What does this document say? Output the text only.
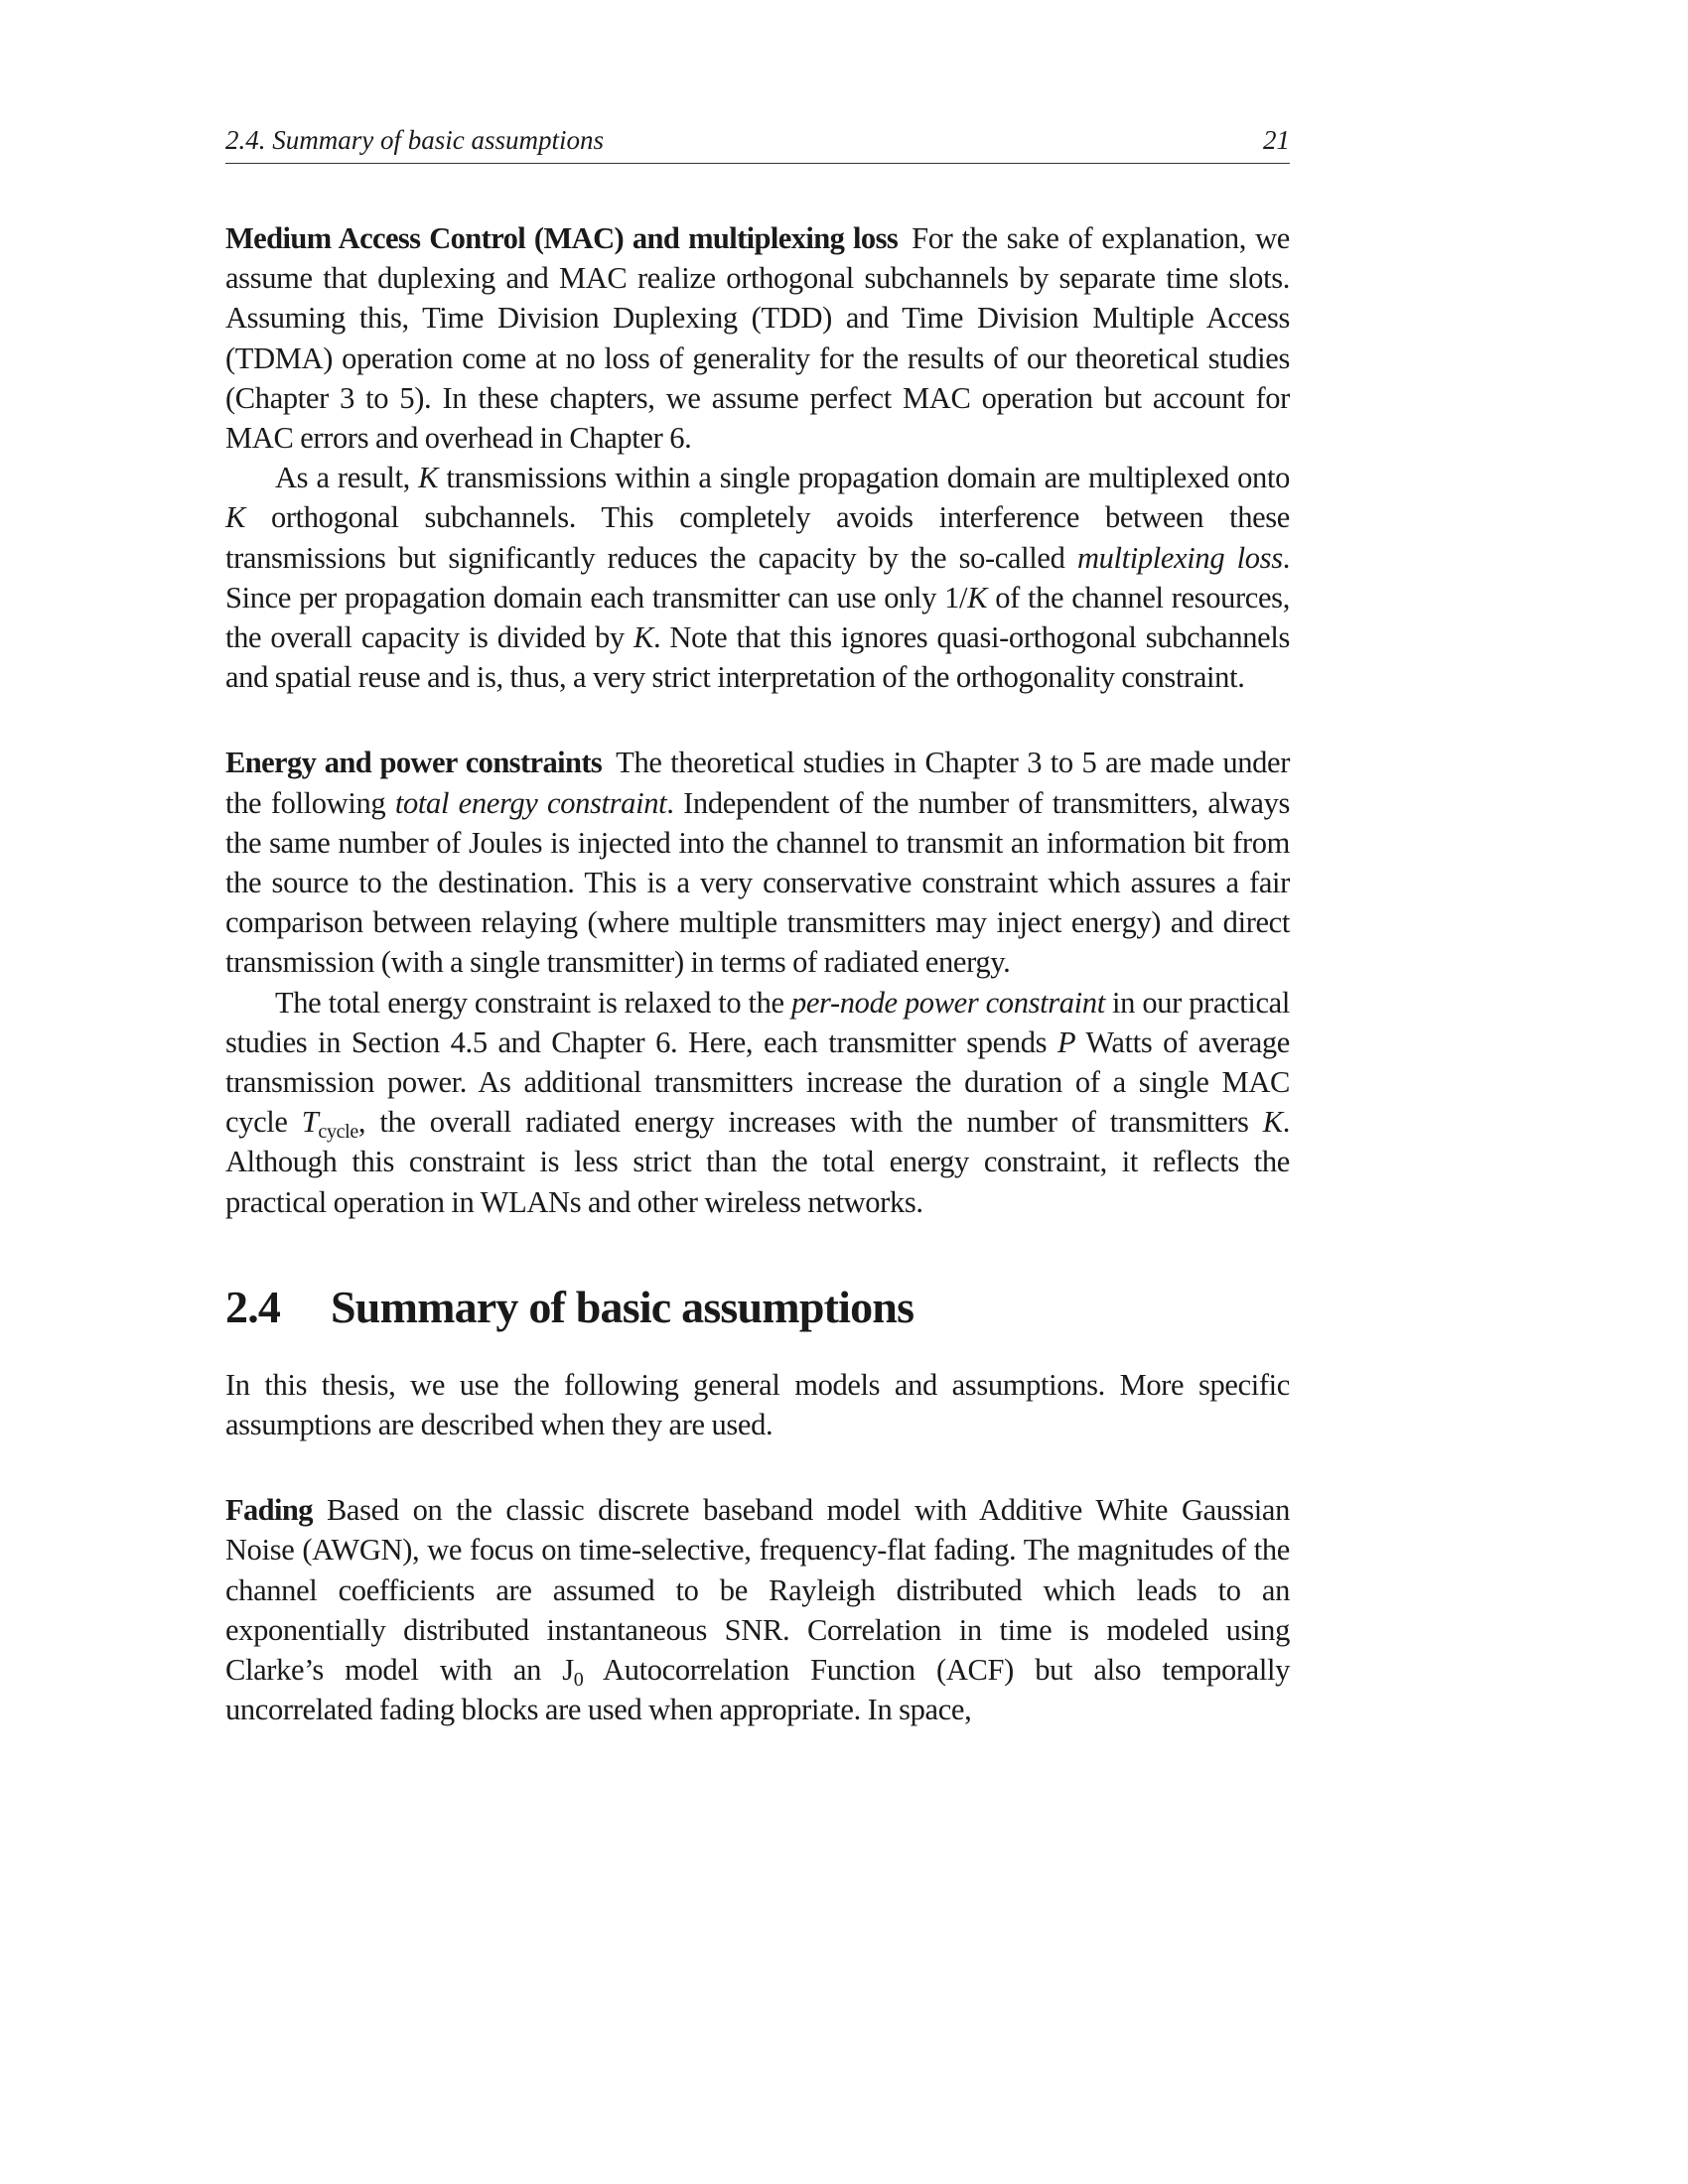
2.4. Summary of basic assumptions	21

Medium Access Control (MAC) and multiplexing loss For the sake of explanation, we assume that duplexing and MAC realize orthogonal subchannels by separate time slots. Assuming this, Time Division Duplexing (TDD) and Time Division Multiple Access (TDMA) operation come at no loss of generality for the results of our theoretical studies (Chapter 3 to 5). In these chapters, we assume perfect MAC operation but account for MAC errors and overhead in Chapter 6.

As a result, K transmissions within a single propagation domain are multiplexed onto K orthogonal subchannels. This completely avoids interference between these transmissions but significantly reduces the capacity by the so-called multiplexing loss. Since per propagation domain each transmitter can use only 1/K of the channel resources, the overall capacity is divided by K. Note that this ignores quasi-orthogonal subchannels and spatial reuse and is, thus, a very strict interpretation of the orthogonality constraint.

Energy and power constraints The theoretical studies in Chapter 3 to 5 are made under the following total energy constraint. Independent of the number of transmitters, always the same number of Joules is injected into the channel to transmit an information bit from the source to the destination. This is a very conservative constraint which assures a fair comparison between relaying (where multiple transmitters may inject energy) and direct transmission (with a single transmitter) in terms of radiated energy.

The total energy constraint is relaxed to the per-node power constraint in our practical studies in Section 4.5 and Chapter 6. Here, each transmitter spends P Watts of average transmission power. As additional transmitters increase the duration of a single MAC cycle $T_{cycle}$, the overall radiated energy increases with the number of transmitters K. Although this constraint is less strict than the total energy constraint, it reflects the practical operation in WLANs and other wireless networks.

2.4 Summary of basic assumptions

In this thesis, we use the following general models and assumptions. More specific assumptions are described when they are used.

Fading Based on the classic discrete baseband model with Additive White Gaussian Noise (AWGN), we focus on time-selective, frequency-flat fading. The magnitudes of the channel coefficients are assumed to be Rayleigh distributed which leads to an exponentially distributed instantaneous SNR. Correlation in time is modeled using Clarke’s model with an $J_0$ Autocorrelation Function (ACF) but also temporally uncorrelated fading blocks are used when appropriate. In space,
